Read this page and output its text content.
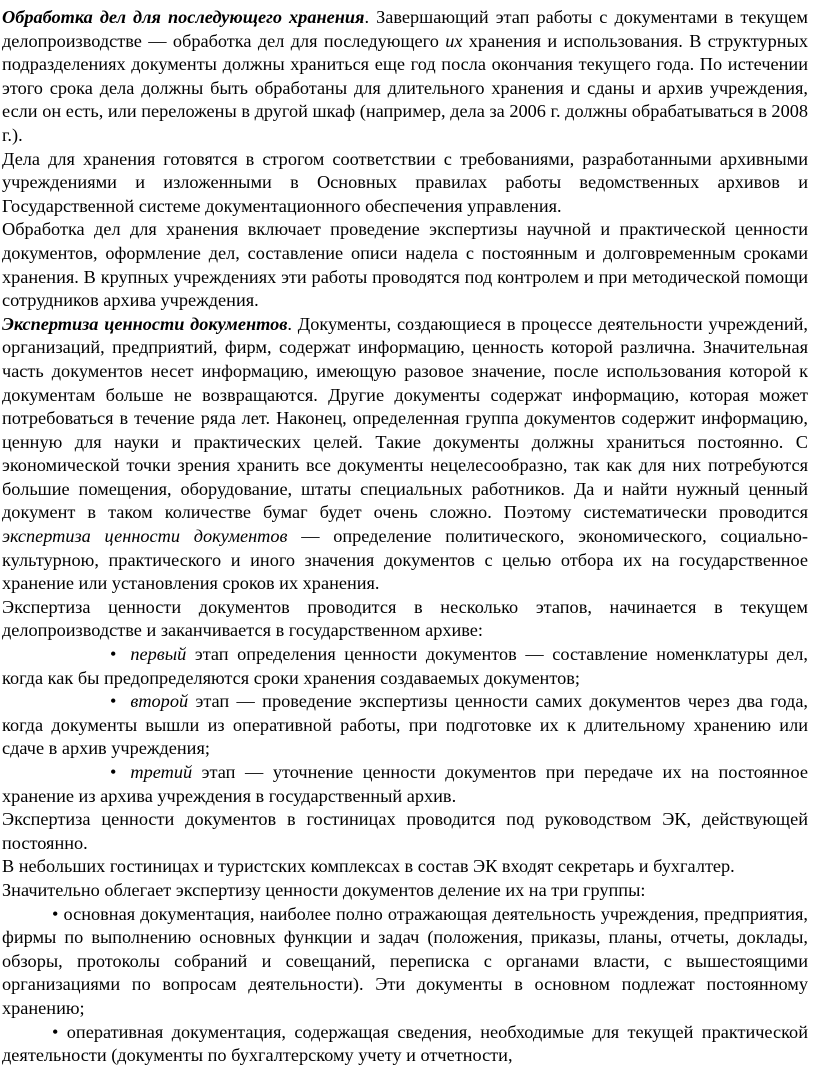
Обработка дел для последующего хранения. Завершающий этап работы с документами в текущем делопроизводстве — обработка дел для последующего их хранения и использования. В структурных подразделениях документы должны храниться еще год посла окончания текущего года. По истечении этого срока дела должны быть обработаны для длительного хранения и сданы и архив учреждения, если он есть, или переложены в другой шкаф (например, дела за 2006 г. должны обрабатываться в 2008 г.).

Дела для хранения готовятся в строгом соответствии с требованиями, разработанными архивными учреждениями и изложенными в Основных правилах работы ведомственных архивов и Государственной системе документационного обеспечения управления.

Обработка дел для хранения включает проведение экспертизы научной и практической ценности документов, оформление дел, составление описи надела с постоянным и долговременным сроками хранения. В крупных учреждениях эти работы проводятся под контролем и при методической помощи сотрудников архива учреждения.

Экспертиза ценности документов. Документы, создающиеся в процессе деятельности учреждений, организаций, предприятий, фирм, содержат информацию, ценность которой различна. Значительная часть документов несет информацию, имеющую разовое значение, после использования которой к документам больше не возвращаются. Другие документы содержат информацию, которая может потребоваться в течение ряда лет. Наконец, определенная группа документов содержит информацию, ценную для науки и практических целей. Такие документы должны храниться постоянно. С экономической точки зрения хранить все документы нецелесообразно, так как для них потребуются большие помещения, оборудование, штаты специальных работников. Да и найти нужный ценный документ в таком количестве бумаг будет очень сложно. Поэтому систематически проводится экспертиза ценности документов — определение политического, экономического, социально-культурною, практического и иного значения документов с целью отбора их на государственное хранение или установления сроков их хранения.

Экспертиза ценности документов проводится в несколько этапов, начинается в текущем делопроизводстве и заканчивается в государственном архиве:

• первый этап определения ценности документов — составление номенклатуры дел, когда как бы предопределяются сроки хранения создаваемых документов;

• второй этап — проведение экспертизы ценности самих документов через два года, когда документы вышли из оперативной работы, при подготовке их к длительному хранению или сдаче в архив учреждения;

• третий этап — уточнение ценности документов при передаче их на постоянное хранение из архива учреждения в государственный архив.

Экспертиза ценности документов в гостиницах проводится под руководством ЭК, действующей постоянно.

В небольших гостиницах и туристских комплексах в состав ЭК входят секретарь и бухгалтер.

Значительно облегает экспертизу ценности документов деление их на три группы:

• основная документация, наиболее полно отражающая деятельность учреждения, предприятия, фирмы по выполнению основных функции и задач (положения, приказы, планы, отчеты, доклады, обзоры, протоколы собраний и совещаний, переписка с органами власти, с вышестоящими организациями по вопросам деятельности). Эти документы в основном подлежат постоянному хранению;

• оперативная документация, содержащая сведения, необходимые для текущей практической деятельности (документы по бухгалтерскому учету и отчетности,
